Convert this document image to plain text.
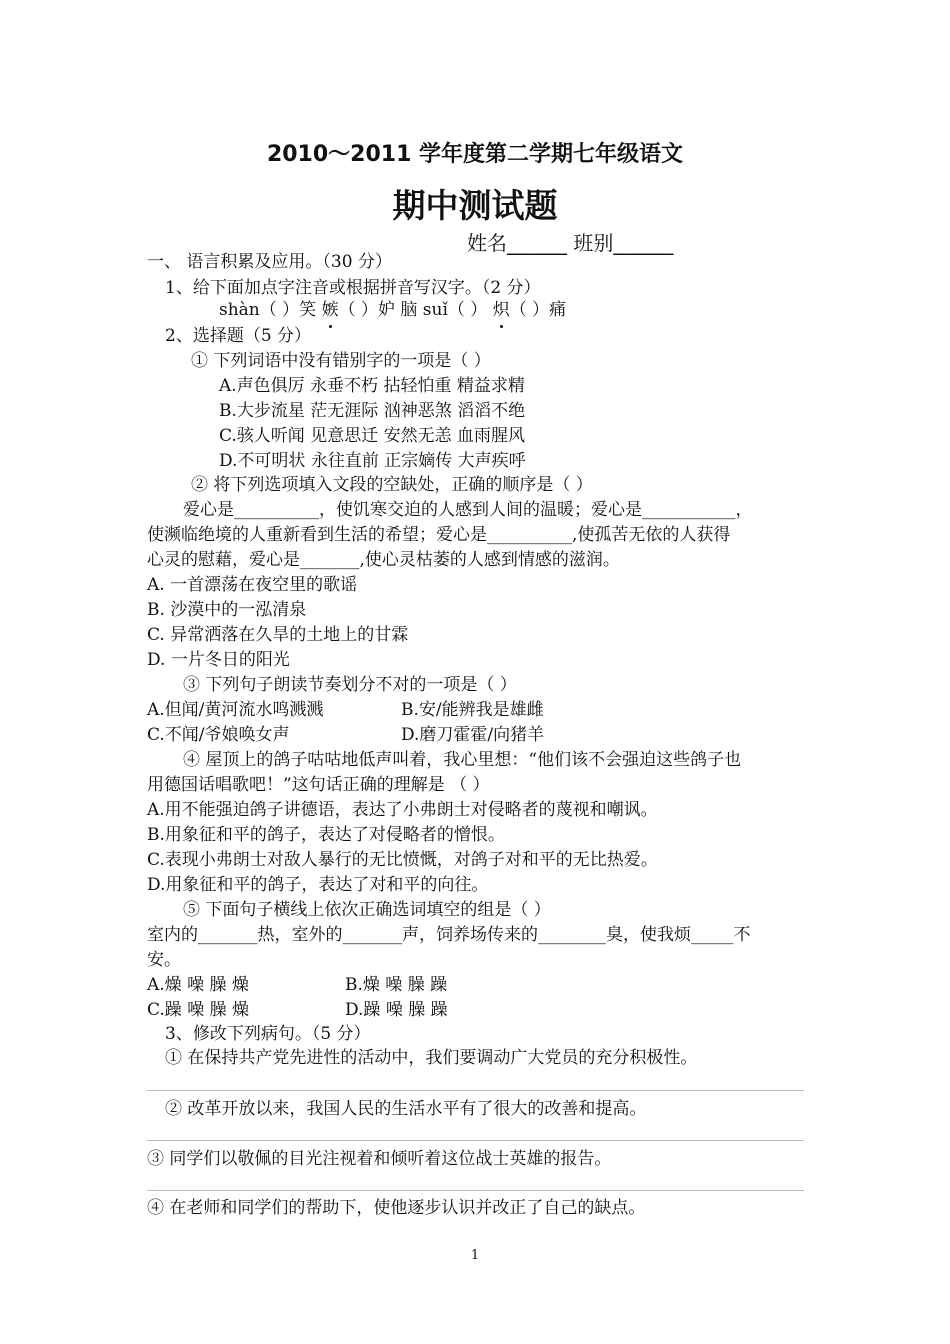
2010～2011 学年度第二学期七年级语文
期中测试题
姓名______ 班别______
一、 语言积累及应用。（30 分）
1、给下面加点字注音或根据拼音写汉字。（2 分）
shàn（ ）笑 嫉（ ）妒 脑 suǐ（ ） 炽（ ）痛
2、选择题（5 分）
① 下列词语中没有错别字的一项是（ ）
A.声色俱厉 永垂不朽 拈轻怕重 精益求精
B.大步流星 茫无涯际 汹神恶煞 滔滔不绝
C.骇人听闻 见意思迁 安然无恙 血雨腥风
D.不可明状 永往直前 正宗嫡传 大声疾呼
② 将下列选项填入文段的空缺处，正确的顺序是（ ）
爱心是__________，使饥寒交迫的人感到人间的温暖；爱心是___________，
使濒临绝境的人重新看到生活的希望；爱心是__________,使孤苦无依的人获得
心灵的慰藉，爱心是_______,使心灵枯萎的人感到情感的滋润。
A. 一首漂荡在夜空里的歌谣
B. 沙漠中的一泓清泉
C. 异常洒落在久旱的土地上的甘霖
D. 一片冬日的阳光
③ 下列句子朗读节奏划分不对的一项是（ ）
A.但闻/黄河流水鸣溅溅	B.安/能辨我是雄雌
C.不闻/爷娘唤女声	D.磨刀霍霍/向猪羊
④ 屋顶上的鸽子咕咕地低声叫着，我心里想：“他们该不会强迫这些鸽子也
用德国话唱歌吧！”这句话正确的理解是 （ ）
A.用不能强迫鸽子讲德语，表达了小弗朗士对侵略者的蔑视和嘲讽。
B.用象征和平的鸽子，表达了对侵略者的憎恨。
C.表现小弗朗士对敌人暴行的无比愤慨，对鸽子对和平的无比热爱。
D.用象征和平的鸽子，表达了对和平的向往。
⑤ 下面句子横线上依次正确选词填空的组是（ ）
室内的_______热，室外的_______声，饲养场传来的________臭，使我烦_____不
安。
A.燥 噪 臊 燥	B.燥 噪 臊 躁
C.躁 噪 臊 燥	D.躁 噪 臊 躁
3、修改下列病句。（5 分）
① 在保持共产党先进性的活动中，我们要调动广大党员的充分积极性。
② 改革开放以来，我国人民的生活水平有了很大的改善和提高。
③ 同学们以敬佩的目光注视着和倾听着这位战士英雄的报告。
④ 在老师和同学们的帮助下，使他逐步认识并改正了自己的缺点。
1
